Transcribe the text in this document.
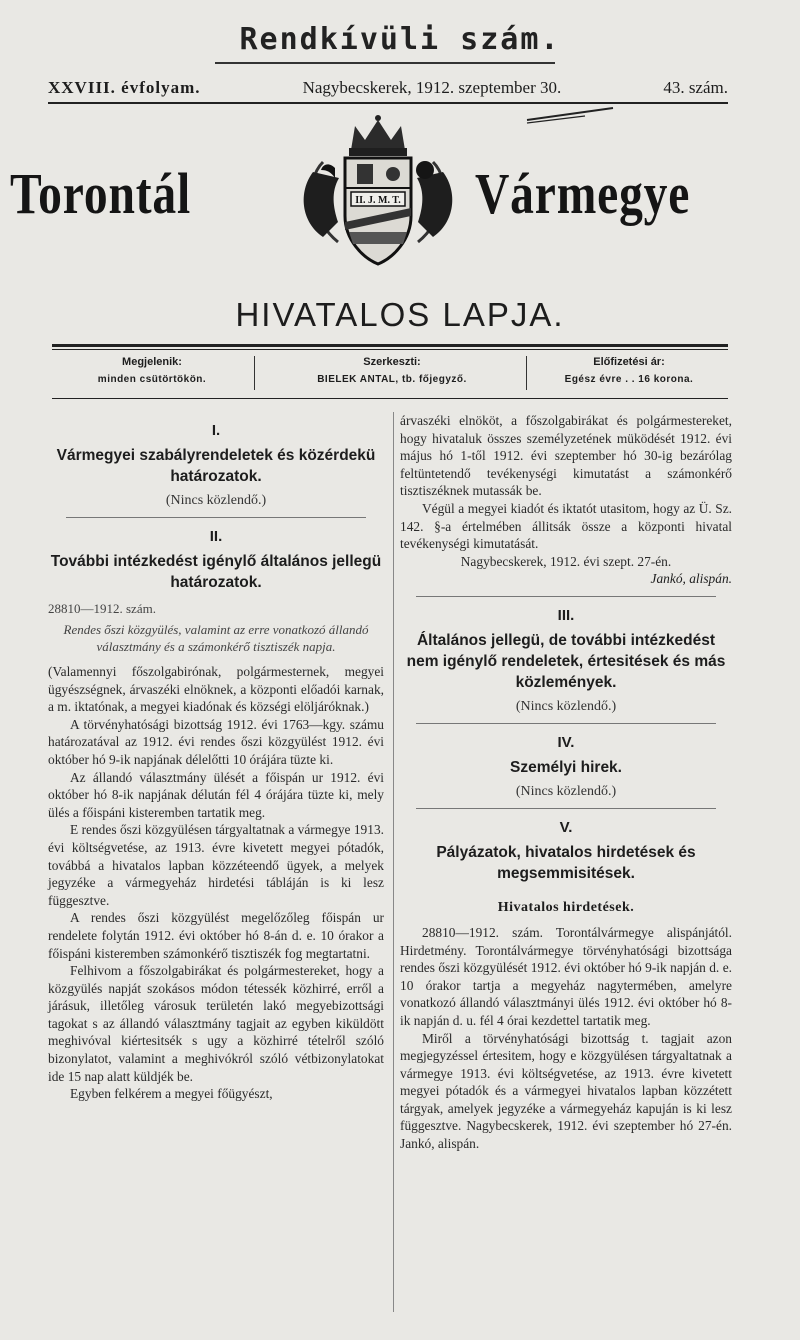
Rendkívüli szám.
XXVIII. évfolyam.	Nagybecskerek, 1912. szeptember 30.	43. szám.
Torontál	Vármegye
II. J. M. T.
HIVATALOS LAPJA.
Megjelenik:
minden csütörtökön.
Szerkeszti:
BIELEK ANTAL, tb. főjegyző.
Előfizetési ár:
Egész évre . . 16 korona.
I.
Vármegyei szabályrendeletek és közérdekü határozatok.
(Nincs közlendő.)
II.
További intézkedést igénylő általános jellegü határozatok.
28810—1912. szám.
Rendes őszi közgyülés, valamint az erre vonatkozó állandó választmány és a számonkérő tisztiszék napja.

(Valamennyi főszolgabirónak, polgármesternek, megyei ügyészségnek, árvaszéki elnöknek, a központi előadói karnak, a m. iktatónak, a megyei kiadónak és községi elöljáróknak.)

A törvényhatósági bizottság 1912. évi 1763—kgy. számu határozatával az 1912. évi rendes őszi közgyülést 1912. évi október hó 9-ik napjának délelőtti 10 órájára tüzte ki.

Az állandó választmány ülését a főispán ur 1912. évi október hó 8-ik napjának délután fél 4 órájára tüzte ki, mely ülés a főispáni kisteremben tartatik meg.

E rendes őszi közgyülésen tárgyaltatnak a vármegye 1913. évi költségvetése, az 1913. évre kivetett megyei pótadók, továbbá a hivatalos lapban közzéteendő ügyek, a melyek jegyzéke a vármegyeház hirdetési tábláján is ki lesz függesztve.

A rendes őszi közgyülést megelőzőleg főispán ur rendelete folytán 1912. évi október hó 8-án d. e. 10 órakor a főispáni kisteremben számonkérő tisztiszék fog megtartatni.

Felhivom a főszolgabirákat és polgármestereket, hogy a közgyülés napját szokásos módon tétessék közhirré, erről a járásuk, illetőleg városuk területén lakó megyebizottsági tagokat s az állandó választmány tagjait az egyben kiküldött meghivóval kiértesitsék s ugy a közhirré tételről szóló bizonylatot, valamint a meghivókról szóló vétbizonylatokat ide 15 nap alatt küldjék be.

Egyben felkérem a megyei főügyészt,

árvaszéki elnököt, a főszolgabirákat és polgármestereket, hogy hivataluk összes személyzetének müködését 1912. évi május hó 1-től 1912. évi szeptember hó 30-ig bezárólag feltüntetendő tevékenységi kimutatást a számonkérő tisztiszéknek mutassák be.

Végül a megyei kiadót és iktatót utasitom, hogy az Ü. Sz. 142. §-a értelmében állitsák össze a központi hivatal tevékenységi kimutatását.

Nagybecskerek, 1912. évi szept. 27-én.

Jankó, alispán.

III.
Általános jellegü, de további intézkedést nem igénylő rendeletek, értesitések és más közlemények.
(Nincs közlendő.)
IV.
Személyi hirek.
(Nincs közlendő.)
V.
Pályázatok, hivatalos hirdetések és megsemmisitések.
Hivatalos hirdetések.

28810—1912. szám. Torontálvármegye alispánjától. Hirdetmény. Torontálvármegye törvényhatósági bizottsága rendes őszi közgyülését 1912. évi október hó 9-ik napján d. e. 10 órakor tartja a megyeház nagytermében, amelyre vonatkozó állandó választmányi ülés 1912. évi október hó 8-ik napján d. u. fél 4 órai kezdettel tartatik meg.

Miről a törvényhatósági bizottság t. tagjait azon megjegyzéssel értesitem, hogy e közgyülésen tárgyaltatnak a vármegye 1913. évi költségvetése, az 1913. évre kivetett megyei pótadók és a vármegyei hivatalos lapban közzétett tárgyak, amelyek jegyzéke a vármegyeház kapuján is ki lesz függesztve. Nagybecskerek, 1912. évi szeptember hó 27-én. Jankó, alispán.
